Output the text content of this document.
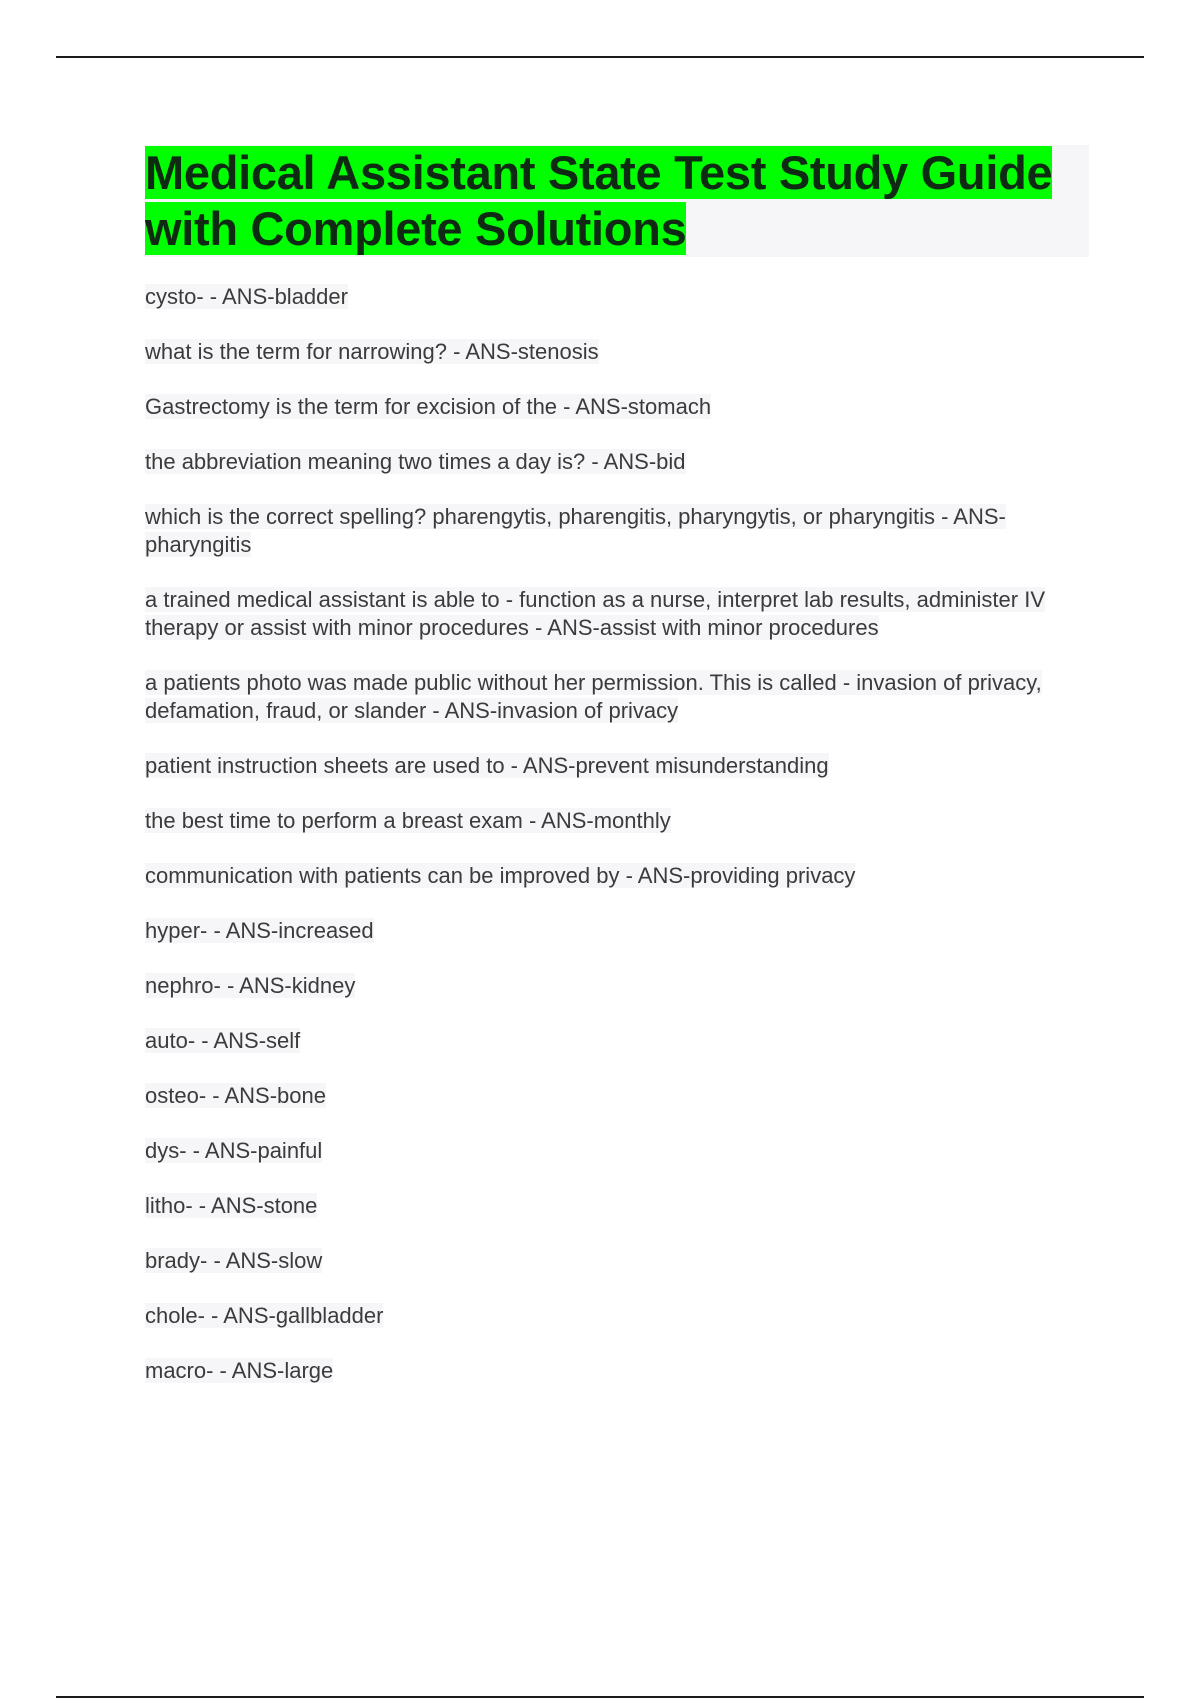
Medical Assistant State Test Study Guide with Complete Solutions

cysto- - ANS-bladder

what is the term for narrowing? - ANS-stenosis

Gastrectomy is the term for excision of the - ANS-stomach

the abbreviation meaning two times a day is? - ANS-bid

which is the correct spelling? pharengytis, pharengitis, pharyngytis, or pharyngitis - ANS-pharyngitis

a trained medical assistant is able to - function as a nurse, interpret lab results, administer IV therapy or assist with minor procedures - ANS-assist with minor procedures

a patients photo was made public without her permission. This is called - invasion of privacy, defamation, fraud, or slander - ANS-invasion of privacy

patient instruction sheets are used to - ANS-prevent misunderstanding

the best time to perform a breast exam - ANS-monthly

communication with patients can be improved by - ANS-providing privacy

hyper- - ANS-increased

nephro- - ANS-kidney

auto- - ANS-self

osteo- - ANS-bone

dys- - ANS-painful

litho- - ANS-stone

brady- - ANS-slow

chole- - ANS-gallbladder

macro- - ANS-large
